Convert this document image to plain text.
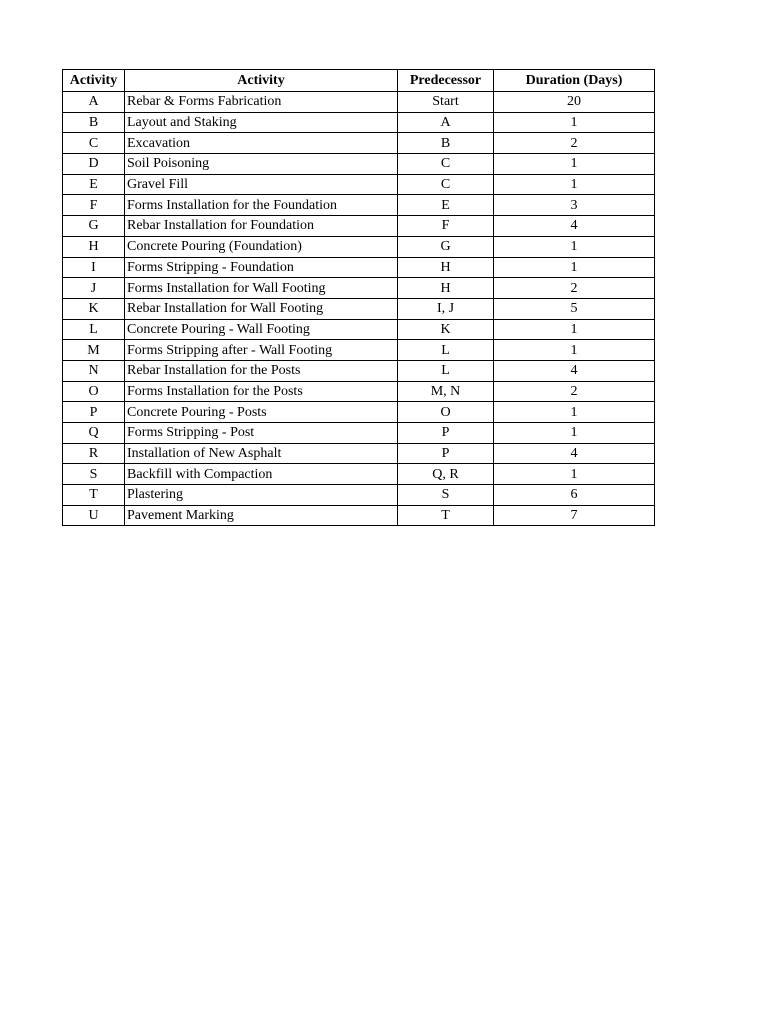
Activity	Activity	Predecessor	Duration (Days)
A	Rebar & Forms Fabrication	Start	20
B	Layout and Staking	A	1
C	Excavation	B	2
D	Soil Poisoning	C	1
E	Gravel Fill	C	1
F	Forms Installation for the Foundation	E	3
G	Rebar Installation for Foundation	F	4
H	Concrete Pouring (Foundation)	G	1
I	Forms Stripping - Foundation	H	1
J	Forms Installation for Wall Footing	H	2
K	Rebar Installation for Wall Footing	I, J	5
L	Concrete Pouring - Wall Footing	K	1
M	Forms Stripping after - Wall Footing	L	1
N	Rebar Installation for the Posts	L	4
O	Forms Installation for the Posts	M, N	2
P	Concrete Pouring - Posts	O	1
Q	Forms Stripping - Post	P	1
R	Installation of New Asphalt	P	4
S	Backfill with Compaction	Q, R	1
T	Plastering	S	6
U	Pavement Marking	T	7
